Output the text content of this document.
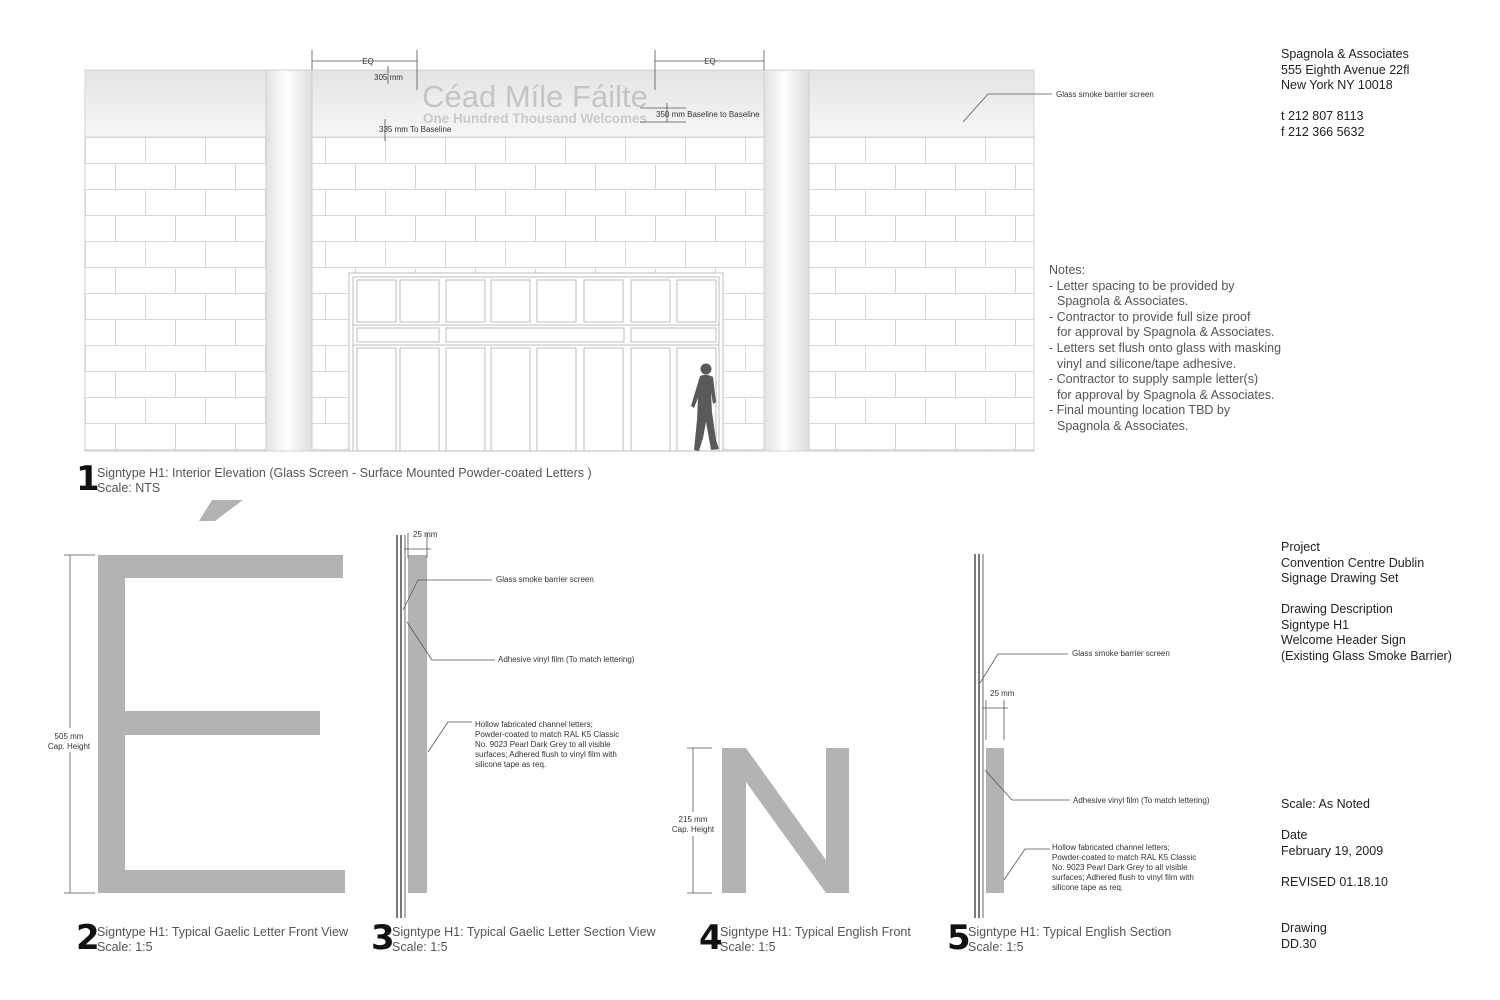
Céad Míle Fáilte
One Hundred Thousand Welcomes
EQ	EQ
305 mm
335 mm To Baseline
350 mm Baseline to Baseline
Glass smoke barrier screen
505 mm
Cap. Height
25 mm
Glass smoke barrier screen
Adhesive vinyl film (To match lettering)
Hollow fabricated channel letters;
Powder-coated to match RAL K5 Classic
No. 9023 Pearl Dark Grey to all visible
surfaces; Adhered flush to vinyl film with
silicone tape as req.
215 mm
Cap. Height
25 mm
Glass smoke barrier screen
Adhesive vinyl film (To match lettering)
Hollow fabricated channel letters;
Powder-coated to match RAL K5 Classic
No. 9023 Pearl Dark Grey to all visible
surfaces; Adhered flush to vinyl film with
silicone tape as req.
Spagnola & Associates
555 Eighth Avenue 22fl
New York NY 10018
t 212 807 8113
f 212 366 5632
Project
Convention Centre Dublin
Signage Drawing Set
Drawing Description
Signtype H1
Welcome Header Sign
(Existing Glass Smoke Barrier)
Scale: As Noted
Date
February 19, 2009
REVISED 01.18.10
Drawing
DD.30
Notes:
- Letter spacing to be provided by
Spagnola & Associates.
- Contractor to provide full size proof
for approval by Spagnola & Associates.
- Letters set flush onto glass with masking
vinyl and silicone/tape adhesive.
- Contractor to supply sample letter(s)
for approval by Spagnola & Associates.
- Final mounting location TBD by
Spagnola & Associates.
1
Signtype H1: Interior Elevation (Glass Screen - Surface Mounted Powder-coated Letters )
Scale: NTS
2
Signtype H1: Typical Gaelic Letter Front View
Scale: 1:5	3
Signtype H1: Typical Gaelic Letter Section View
Scale: 1:5	4
Signtype H1: Typical English Front
Scale: 1:5	5
Signtype H1: Typical English Section
Scale: 1:5
